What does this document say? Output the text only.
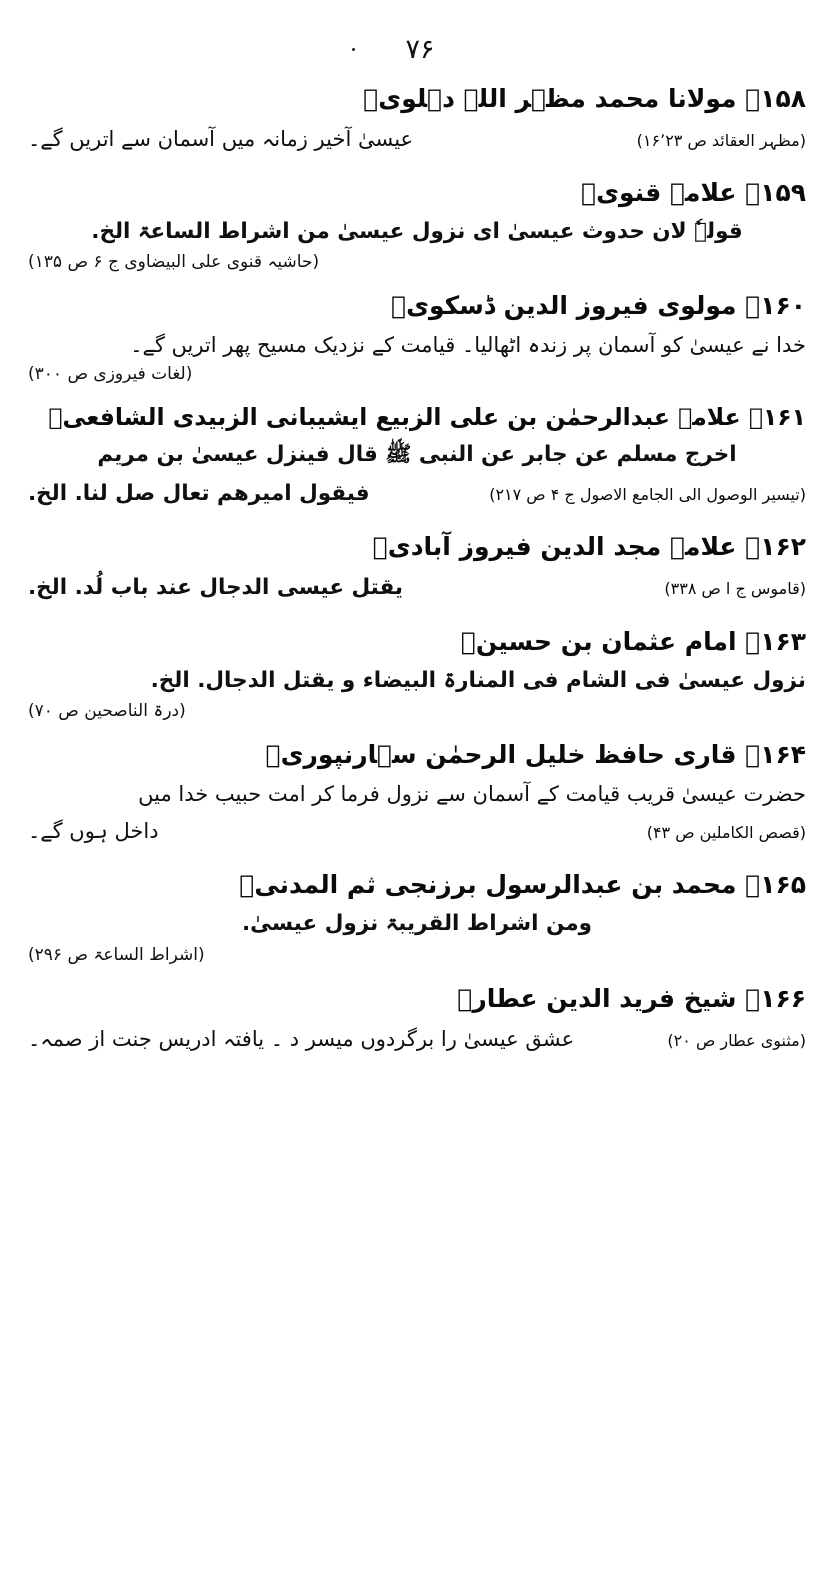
۷۶
۱۵۸۔ مولانا محمد مظہر اللہ دہلویؒ
عیسیٰ آخیر زمانہ میں آسمان سے اتریں گے۔	(مظہر العقائد ص ۱۶٬۲۳)
۱۵۹۔ علامہ قنویؒ
قولہٗ لان حدوث عیسیٰ ای نزول عیسیٰ من اشراط الساعۃ الخ.
(حاشیہ قنوی علی البیضاوی ج ۶ ص ۱۳۵)
۱۶۰۔ مولوی فیروز الدین ڈسکویؒ
خدا نے عیسیٰ کو آسمان پر زندہ اٹھالیا۔ قیامت کے نزدیک مسیح پھر اتریں گے۔
(لغات فیروزی ص ۳۰۰)
۱۶۱۔ علامہ عبدالرحمٰن بن علی الزبیع ایشیبانی الزبیدی الشافعیؒ
اخرج مسلم عن جابر عن النبی ﷺ قال فینزل عیسیٰ بن مریم
فیقول امیرهم تعال صل لنا. الخ.	(تیسیر الوصول الی الجامع الاصول ج ۴ ص ۲۱۷)
۱۶۲۔ علامہ مجد الدین فیروز آبادیؒ
یقتل عیسی الدجال عند باب لُد. الخ.	(قاموس ج ا ص ۳۳۸)
۱۶۳۔ امام عثمان بن حسینؒ
نزول عیسیٰ فی الشام فی المنارۃ البیضاء و یقتل الدجال. الخ.
(درۃ الناصحین ص ۷۰)
۱۶۴۔ قاری حافظ خلیل الرحمٰن سہارنپوریؒ
حضرت عیسیٰ قریب قیامت کے آسمان سے نزول فرما کر امت حبیب خدا میں
داخل ہوں گے۔	(قصص الکاملین ص ۴۳)
۱۶۵۔ محمد بن عبدالرسول برزنجی ثم المدنیؒ
ومن اشراط القریبۃ نزول عیسیٰ.
(اشراط الساعۃ ص ۲۹۶)
۱۶۶۔ شیخ فرید الدین عطارؒ
عشق عیسیٰ را برگردوں میسر د ۔ یافتہ ادریس جنت از صمہ۔	(مثنوی عطار ص ۲۰)
